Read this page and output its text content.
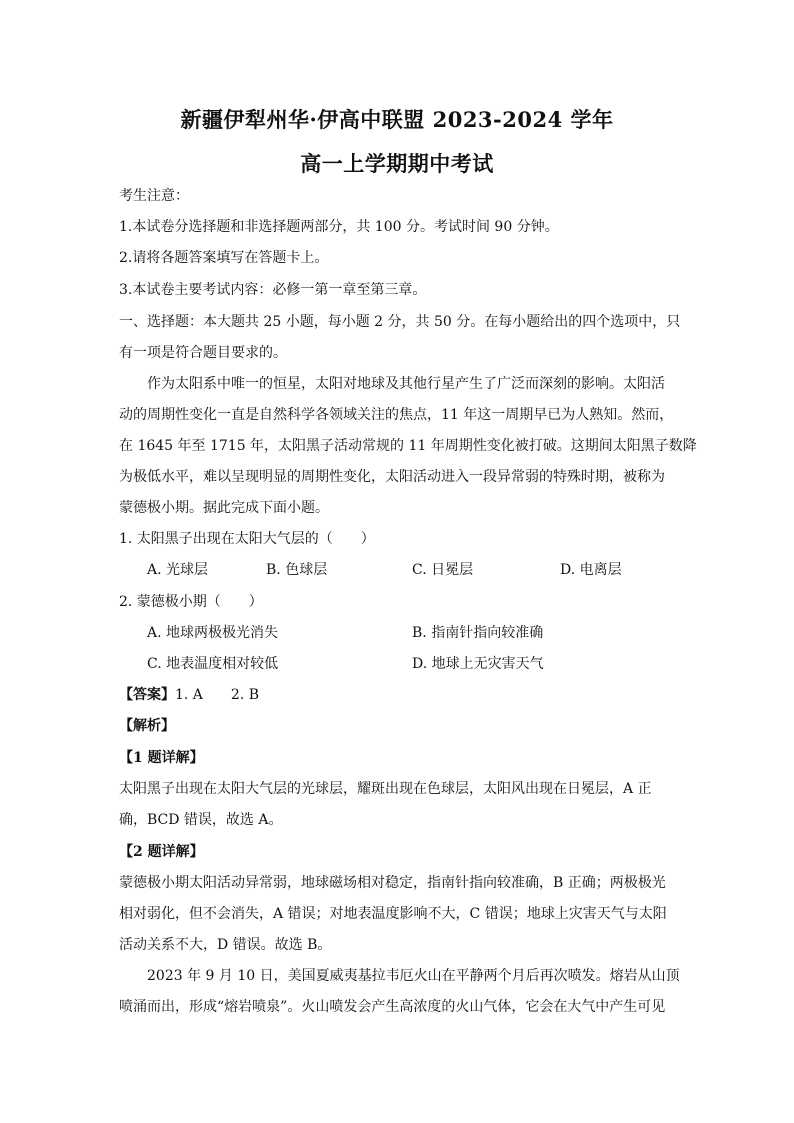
新疆伊犁州华·伊高中联盟 2023-2024 学年
高一上学期期中考试
考生注意：
1.本试卷分选择题和非选择题两部分，共 100 分。考试时间 90 分钟。
2.请将各题答案填写在答题卡上。
3.本试卷主要考试内容：必修一第一章至第三章。
一、选择题：本大题共 25 小题，每小题 2 分，共 50 分。在每小题给出的四个选项中，只
有一项是符合题目要求的。
作为太阳系中唯一的恒星，太阳对地球及其他行星产生了广泛而深刻的影响。太阳活
动的周期性变化一直是自然科学各领域关注的焦点，11 年这一周期早已为人熟知。然而，
在 1645 年至 1715 年，太阳黑子活动常规的 11 年周期性变化被打破。这期间太阳黑子数降
为极低水平，难以呈现明显的周期性变化，太阳活动进入一段异常弱的特殊时期，被称为
蒙德极小期。据此完成下面小题。
1. 太阳黑子出现在太阳大气层的（　　）
A. 光球层	B. 色球层	C. 日冕层	D. 电离层
2. 蒙德极小期（　　）
A. 地球两极极光消失	B. 指南针指向较准确
C. 地表温度相对较低	D. 地球上无灾害天气
【答案】1. A　　2. B
【解析】
【1 题详解】
太阳黑子出现在太阳大气层的光球层，耀斑出现在色球层，太阳风出现在日冕层，A 正
确，BCD 错误，故选 A。
【2 题详解】
蒙德极小期太阳活动异常弱，地球磁场相对稳定，指南针指向较准确，B 正确；两极极光
相对弱化，但不会消失，A 错误；对地表温度影响不大，C 错误；地球上灾害天气与太阳
活动关系不大，D 错误。故选 B。
2023 年 9 月 10 日，美国夏威夷基拉韦厄火山在平静两个月后再次喷发。熔岩从山顶
喷涌而出，形成“熔岩喷泉”。火山喷发会产生高浓度的火山气体，它会在大气中产生可见
